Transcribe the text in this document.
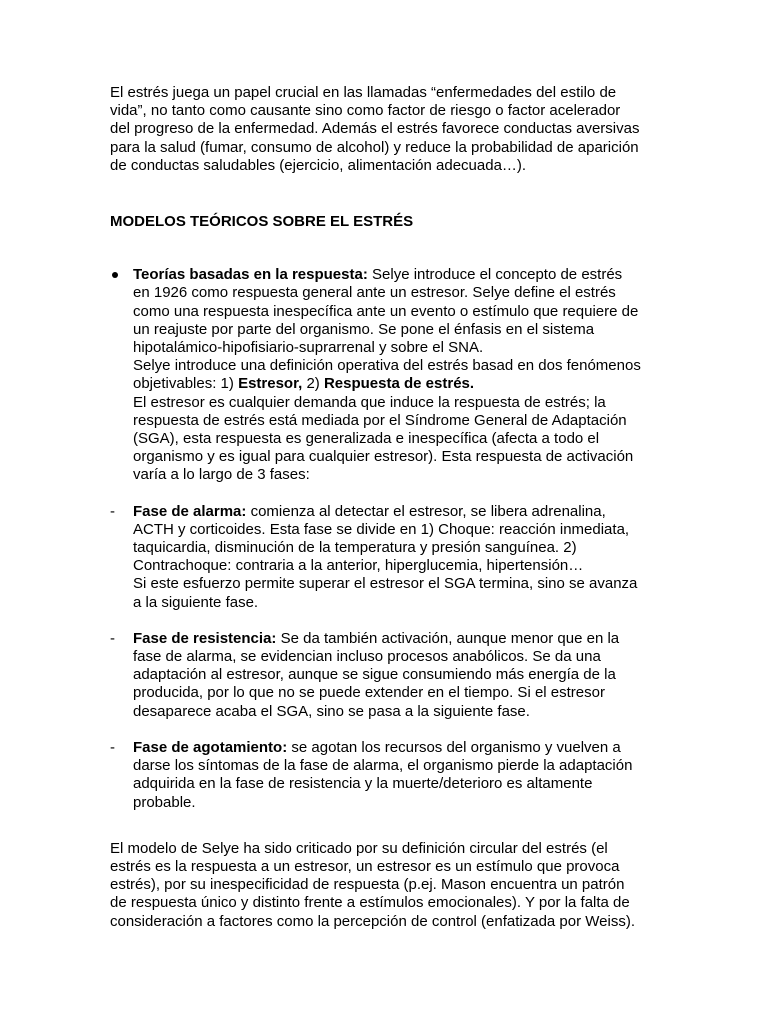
El estrés juega un papel crucial en las llamadas “enfermedades del estilo de
vida”, no tanto como causante sino como factor de riesgo o factor acelerador
del progreso de la enfermedad. Además el estrés favorece conductas aversivas
para la salud (fumar, consumo de alcohol) y reduce la probabilidad de aparición
de conductas saludables (ejercicio, alimentación adecuada…).

MODELOS TEÓRICOS SOBRE EL ESTRÉS

Teorías basadas en la respuesta: Selye introduce el concepto de estrés
en 1926 como respuesta general ante un estresor. Selye define el estrés
como una respuesta inespecífica ante un evento o estímulo que requiere de
un reajuste por parte del organismo. Se pone el énfasis en el sistema
hipotalámico-hipofisiario-suprarrenal y sobre el SNA.
Selye introduce una definición operativa del estrés basad en dos fenómenos
objetivables: 1) Estresor, 2) Respuesta de estrés.
El estresor es cualquier demanda que induce la respuesta de estrés; la
respuesta de estrés está mediada por el Síndrome General de Adaptación
(SGA), esta respuesta es generalizada e inespecífica (afecta a todo el
organismo y es igual para cualquier estresor). Esta respuesta de activación
varía a lo largo de 3 fases:
- Fase de alarma: comienza al detectar el estresor, se libera adrenalina,
ACTH y corticoides. Esta fase se divide en 1) Choque: reacción inmediata,
taquicardia, disminución de la temperatura y presión sanguínea. 2)
Contrachoque: contraria a la anterior, hiperglucemia, hipertensión…
Si este esfuerzo permite superar el estresor el SGA termina, sino se avanza
a la siguiente fase.
- Fase de resistencia: Se da también activación, aunque menor que en la
fase de alarma, se evidencian incluso procesos anabólicos. Se da una
adaptación al estresor, aunque se sigue consumiendo más energía de la
producida, por lo que no se puede extender en el tiempo. Si el estresor
desaparece acaba el SGA, sino se pasa a la siguiente fase.
- Fase de agotamiento: se agotan los recursos del organismo y vuelven a
darse los síntomas de la fase de alarma, el organismo pierde la adaptación
adquirida en la fase de resistencia y la muerte/deterioro es altamente
probable.

El modelo de Selye ha sido criticado por su definición circular del estrés (el
estrés es la respuesta a un estresor, un estresor es un estímulo que provoca
estrés), por su inespecificidad de respuesta (p.ej. Mason encuentra un patrón
de respuesta único y distinto frente a estímulos emocionales). Y por la falta de
consideración a factores como la percepción de control (enfatizada por Weiss).
